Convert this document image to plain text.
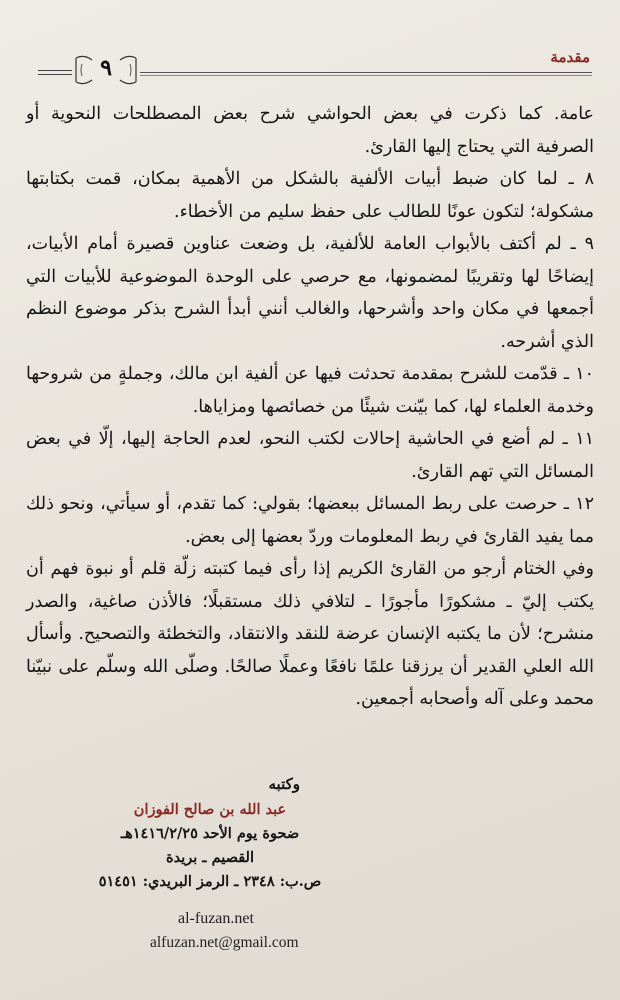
مقدمة
٩

عامة. كما ذكرت في بعض الحواشي شرح بعض المصطلحات النحوية أو الصرفية التي يحتاج إليها القارئ.

٨ ـ لما كان ضبط أبيات الألفية بالشكل من الأهمية بمكان، قمت بكتابتها مشكولة؛ لتكون عونًا للطالب على حفظ سليم من الأخطاء.

٩ ـ لم أكتف بالأبواب العامة للألفية، بل وضعت عناوين قصيرة أمام الأبيات، إيضاحًا لها وتقريبًا لمضمونها، مع حرصي على الوحدة الموضوعية للأبيات التي أجمعها في مكان واحد وأشرحها، والغالب أنني أبدأ الشرح بذكر موضوع النظم الذي أشرحه.

١٠ ـ قدّمت للشرح بمقدمة تحدثت فيها عن ألفية ابن مالك، وجملةٍ من شروحها وخدمة العلماء لها، كما بيّنت شيئًا من خصائصها ومزاياها.

١١ ـ لم أضع في الحاشية إحالات لكتب النحو، لعدم الحاجة إليها، إلّا في بعض المسائل التي تهم القارئ.

١٢ ـ حرصت على ربط المسائل ببعضها؛ بقولي: كما تقدم، أو سيأتي، ونحو ذلك مما يفيد القارئ في ربط المعلومات وردّ بعضها إلى بعض.

وفي الختام أرجو من القارئ الكريم إذا رأى فيما كتبته زلّة قلم أو نبوة فهم أن يكتب إليّ ـ مشكورًا مأجورًا ـ لتلافي ذلك مستقبلًا؛ فالأذن صاغية، والصدر منشرح؛ لأن ما يكتبه الإنسان عرضة للنقد والانتقاد، والتخطئة والتصحيح. وأسأل الله العلي القدير أن يرزقنا علمًا نافعًا وعملًا صالحًا. وصلّى الله وسلّم على نبيّنا محمد وعلى آله وأصحابه أجمعين.

وكتبه
عبد الله بن صالح الفوزان
ضحوة يوم الأحد ١٤١٦/٢/٢٥هـ
القصيم ـ بريدة
ص.ب: ٢٣٤٨ ـ الرمز البريدي: ٥١٤٥١
al-fuzan.net
alfuzan.net@gmail.com
